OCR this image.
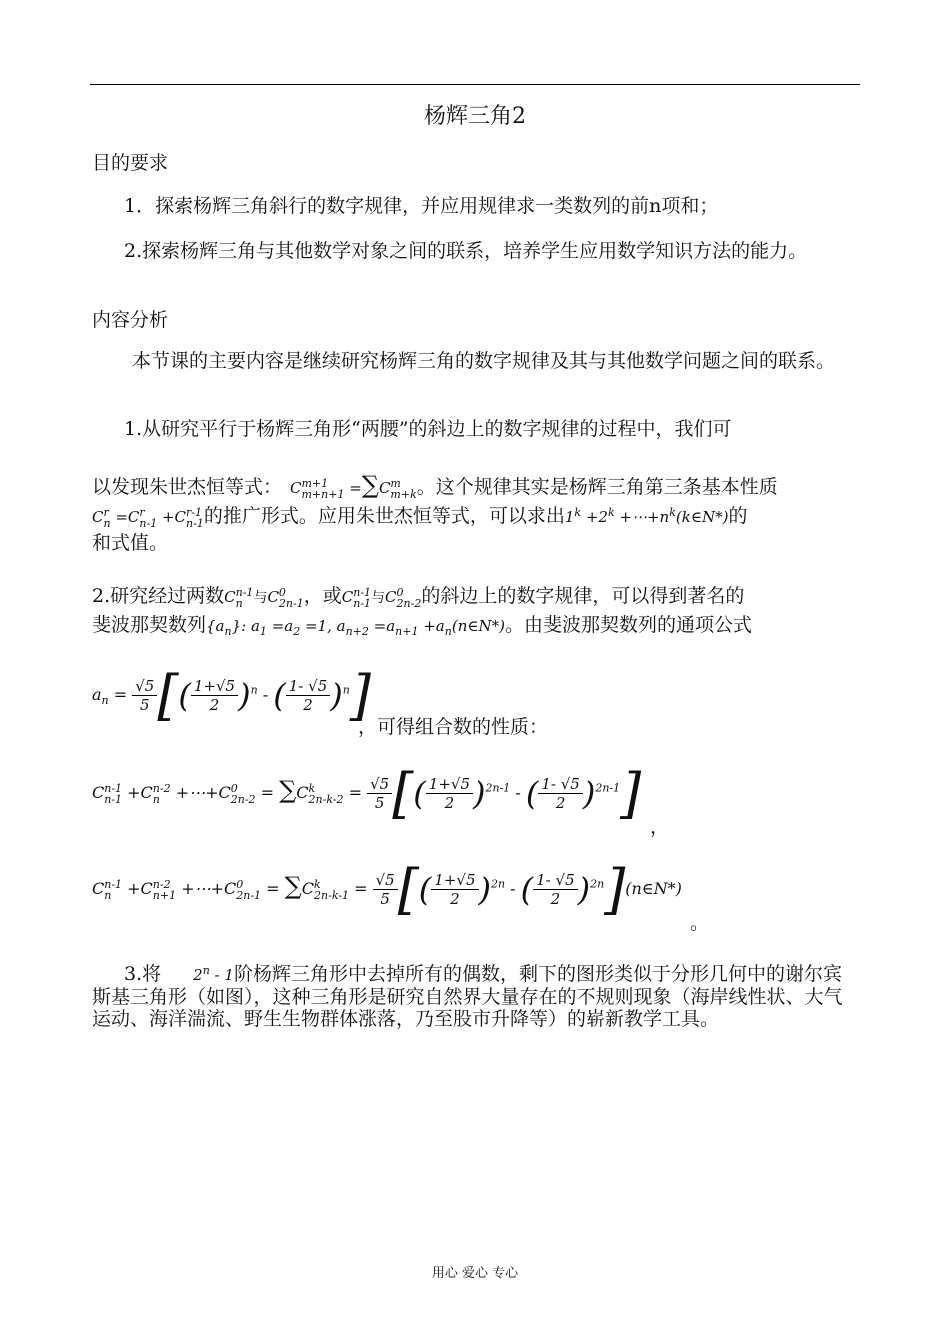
杨辉三角2
目的要求
1．探索杨辉三角斜行的数字规律，并应用规律求一类数列的前n项和；
2.探索杨辉三角与其他数学对象之间的联系，培养学生应用数学知识方法的能力。
内容分析
本节课的主要内容是继续研究杨辉三角的数字规律及其与其他数学问题之间的联系。
1.从研究平行于杨辉三角形“两腰”的斜边上的数字规律的过程中，我们可
以发现朱世杰恒等式： Cm+1
m+n+1 =∑Cm
m+k。这个规律其实是杨辉三角第三条基本性质
Cr
n =Cr
n-1 +Cr-1
n-1的推广形式。应用朱世杰恒等式，可以求出$1^k +2^k$ $+\cdots+n^k(k\in N*)$的
和式值。
2.研究经过两数Cn-1
n 与C0
2n-1，或Cn-1
n-1与C0
2n-2的斜边上的数字规律，可以得到著名的
斐波那契数列$\{a_n\}$: $a_1 =a_2 =1$, $a_{n+2} =a_{n+1}$ $+a_n(n\in N*)$。由斐波那契数列的通项公式
$a_n = \frac{√5}{5}$ [( $\frac{1+√5}{2} )^n$ - ( $\frac{1- √5}{2} )^n$]
，可得组合数的性质：
Cn-1
n-1 +Cn-2
n +⋯+C0
2n-2 = ∑Ck
$2n-k-2 = \frac{√5}{5}$ [( $\frac{1+√5}{2} )^{2n-1}$ - ( $\frac{1- √5}{2} )^{2n-1}$]
，
Cn-1
n +Cn-2
n+1 +⋯+C0
2n-1 = ∑Ck
$2n-k-1 = \frac{√5}{5}$ [( $\frac{1+√5}{2} )^{2n}$ - ( $\frac{1- √5}{2}$ )$^{2n}$](n∈N*)
。
3.将 2$^n$ - 1阶杨辉三角形中去掉所有的偶数，剩下的图形类似于分形几何中的谢尔宾斯基三角形（如图），这种三角形是研究自然界大量存在的不规则现象（海岸线性状、大气运动、海洋湍流、野生生物群体涨落，乃至股市升降等）的崭新教学工具。
用心 爱心 专心
